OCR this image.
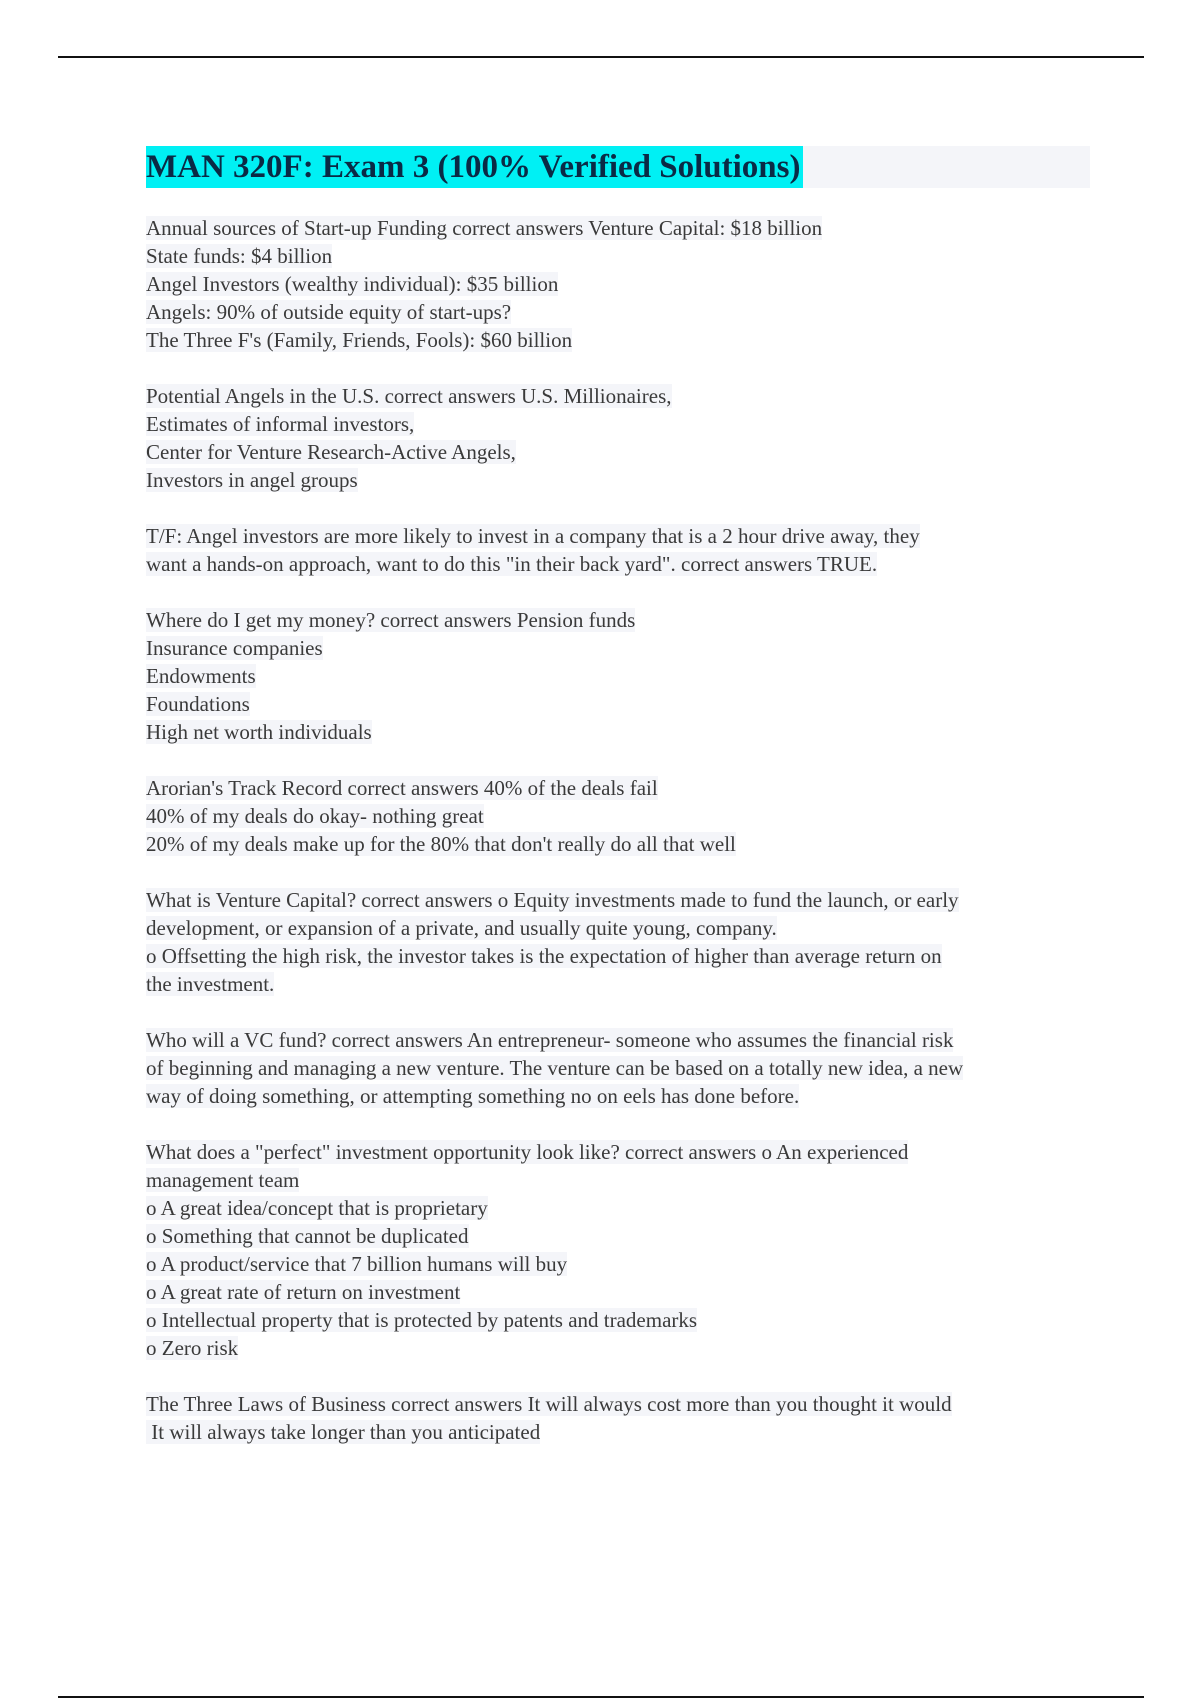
MAN 320F: Exam 3 (100% Verified Solutions)
Annual sources of Start-up Funding correct answers Venture Capital: $18 billion
State funds: $4 billion
Angel Investors (wealthy individual): $35 billion
Angels: 90% of outside equity of start-ups?
The Three F's (Family, Friends, Fools): $60 billion
Potential Angels in the U.S. correct answers U.S. Millionaires,
Estimates of informal investors,
Center for Venture Research-Active Angels,
Investors in angel groups
T/F: Angel investors are more likely to invest in a company that is a 2 hour drive away, they
want a hands-on approach, want to do this "in their back yard". correct answers TRUE.
Where do I get my money? correct answers Pension funds
Insurance companies
Endowments
Foundations
High net worth individuals
Arorian's Track Record correct answers 40% of the deals fail
40% of my deals do okay- nothing great
20% of my deals make up for the 80% that don't really do all that well
What is Venture Capital? correct answers o Equity investments made to fund the launch, or early
development, or expansion of a private, and usually quite young, company.
o Offsetting the high risk, the investor takes is the expectation of higher than average return on
the investment.
Who will a VC fund? correct answers An entrepreneur- someone who assumes the financial risk
of beginning and managing a new venture. The venture can be based on a totally new idea, a new
way of doing something, or attempting something no on eels has done before.
What does a "perfect" investment opportunity look like? correct answers o An experienced
management team
o A great idea/concept that is proprietary
o Something that cannot be duplicated
o A product/service that 7 billion humans will buy
o A great rate of return on investment
o Intellectual property that is protected by patents and trademarks
o Zero risk
The Three Laws of Business correct answers It will always cost more than you thought it would
It will always take longer than you anticipated
